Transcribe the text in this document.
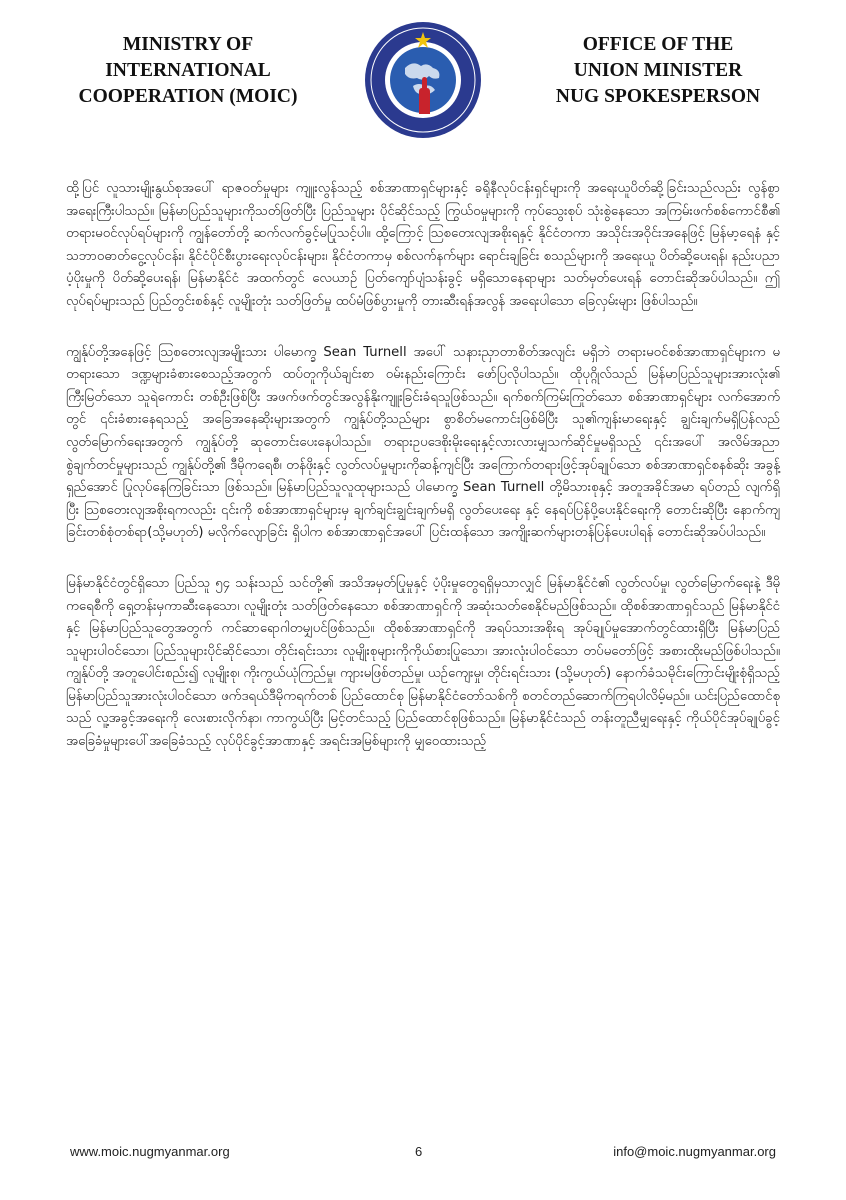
MINISTRY OF
INTERNATIONAL
COOPERATION (MOIC)
OFFICE OF THE
UNION MINISTER
NUG SPOKESPERSON

ထို့ပြင် လူသားမျိုးနွယ်စုအပေါ် ရာဇဝတ်မှုများ ကျူးလွန်သည့် စစ်အာဏာရှင်များနှင့် ခရိုနီလုပ်ငန်းရှင်များကို အရေးယူပိတ်ဆို့ခြင်းသည်လည်း လွန်စွာ အရေးကြီးပါသည်။ မြန်မာပြည်သူများကိုသတ်ဖြတ်ပြီး ပြည်သူများ ပိုင်ဆိုင်သည့် ကြွယ်ဝမှုများကို ကုပ်သွေးစုပ် သုံးစွဲနေသော အကြမ်းဖက်စစ်ကောင်စီ၏ တရားမဝင်လုပ်ရပ်များကို ကျွန်တော်တို့ ဆက်လက်ခွင့်မပြုသင့်ပါ။ ထို့ကြောင့် ဩစတေးလျအစိုးရနှင့် နိုင်ငံတကာ အသိုင်းအဝိုင်းအနေဖြင့် မြန်မာ့ရေနံ နှင့် သဘာဝဓာတ်ငွေ့လုပ်ငန်း၊ နိုင်ငံပိုင်စီးပွားရေးလုပ်ငန်းများ၊ နိုင်ငံတကာမှ စစ်လက်နက်များ ရောင်းချခြင်း စသည်များကို အရေးယူ ပိတ်ဆို့ပေးရန်၊ နည်းပညာပံ့ပိုးမှုကို ပိတ်ဆို့ပေးရန်၊ မြန်မာနိုင်ငံ အထက်တွင် လေယာဉ် ပြတ်ကျော်ပျံသန်းခွင့် မရှိသောနေရာများ သတ်မှတ်ပေးရန် တောင်းဆိုအပ်ပါသည်။ ဤလုပ်ရပ်များသည် ပြည်တွင်းစစ်နှင့် လူမျိုးတုံး သတ်ဖြတ်မှု ထပ်မံဖြစ်ပွားမှုကို တားဆီးရန်အလွန် အရေးပါသော ခြေလှမ်းများ ဖြစ်ပါသည်။

ကျွန်ုပ်တို့အနေဖြင့် ဩစတေးလျအမျိုးသား ပါမောက္ခ Sean Turnell အပေါ် သနားညှာတာစိတ်အလျင်း မရှိဘဲ တရားမဝင်စစ်အာဏာရှင်များက မတရားသော ဒဏ္ဍများခံစားစေသည့်အတွက် ထပ်တူကိုယ်ချင်းစာ ဝမ်းနည်းကြောင်း ဖော်ပြလိုပါသည်။ ထိုပုဂ္ဂိုလ်သည် မြန်မာပြည်သူများအားလုံး၏ ကြီးမြတ်သော သူရဲကောင်း တစ်ဦးဖြစ်ပြီး အဖက်ဖက်တွင်အလွန်နိုးကျူးခြင်းခံရသူဖြစ်သည်။ ရက်စက်ကြမ်းကြုတ်သော စစ်အာဏာရှင်များ လက်အောက်တွင် ၎င်းခံစားနေရသည့် အခြေအနေဆိုးများအတွက် ကျွန်ုပ်တို့သည်များ စွာစိတ်မကောင်းဖြစ်မိပြီး သူ၏ကျန်းမာရေးနှင့် ချွင်းချက်မရှိပြန်လည်လွတ်မြောက်ရေးအတွက် ကျွန်ုပ်တို့ ဆုတောင်းပေးနေပါသည်။ တရားဥပဒေစိုးမိုးရေးနှင့်လားလားမျှသက်ဆိုင်မှုမရှိသည့် ၎င်းအပေါ် အလိမ်အညာစွဲချက်တင်မှုများသည် ကျွန်ုပ်တို့၏ ဒီမိုကရေစီ၊ တန်ဖိုးနှင့် လွတ်လပ်မှုများကိုဆန့်ကျင်ပြီး အကြောက်တရားဖြင့်အုပ်ချုပ်သော စစ်အာဏာရှင်စနစ်ဆိုး အခွန့်ရှည်အောင် ပြုလုပ်နေကြခြင်းသာ ဖြစ်သည်။ မြန်မာပြည်သူလူထုများသည် ပါမောက္ခ Sean Turnell တို့မိသားစုနှင့် အတူအခိုင်အမာ ရပ်တည် လျက်ရှိပြီး ဩစတေးလျအစိုးရကလည်း ၎င်းကို စစ်အာဏာရှင်များမှ ချက်ချင်းချွင်းချက်မရှိ လွတ်ပေးရေး နှင့် နေရပ်ပြန်ပို့ပေးနိုင်ရေးကို တောင်းဆိုပြီး နောက်ကျခြင်းတစ်စုံတစ်ရာ(သို့မဟုတ်) မလိုက်လျောခြင်း ရှိပါက စစ်အာဏာရှင်အပေါ် ပြင်းထန်သော အကျိုးဆက်များတန်ပြန်ပေးပါရန် တောင်းဆိုအပ်ပါသည်။

မြန်မာနိုင်ငံတွင်ရှိသော ပြည်သူ ၅၄ သန်းသည် သင်တို့၏ အသိအမှတ်ပြုမှုနှင့် ပံ့ပိုးမှုတွေရရှိမှသာလျှင် မြန်မာနိုင်ငံ၏ လွတ်လပ်မှု၊ လွတ်မြောက်ရေးနဲ့ ဒီမိုကရေစီကို ရှေ့တန်းမှကာဆီးနေသော၊ လူမျိုးတုံး သတ်ဖြတ်နေသော စစ်အာဏာရှင်ကို အဆုံးသတ်စေနိုင်မည်ဖြစ်သည်။ ထိုစစ်အာဏာရှင်သည် မြန်မာနိုင်ငံနှင့် မြန်မာပြည်သူတွေအတွက် ကင်ဆာရောဂါတမျှပင်ဖြစ်သည်။ ထိုစစ်အာဏာရှင်ကို အရပ်သားအစိုးရ အုပ်ချုပ်မှုအောက်တွင်ထားရှိပြီး မြန်မာပြည်သူများပါဝင်သော၊ ပြည်သူများပိုင်ဆိုင်သော၊ တိုင်းရင်းသား လူမျိုးစုများကိုကိုယ်စားပြုသော၊ အားလုံးပါဝင်သော တပ်မတော်ဖြင့် အစားထိုးမည်ဖြစ်ပါသည်။ ကျွန်ုပ်တို့ အတူပေါင်းစည်း၍ လူမျိုးစု၊ ကိုးကွယ်ယုံကြည်မှု၊ ကျားမဖြစ်တည်မှု၊ ယဉ်ကျေးမှု၊ တိုင်းရင်းသား (သို့မဟုတ်) နောက်ခံသမိုင်းကြောင်းမျိုးစုံရှိသည့် မြန်မာပြည်သူအားလုံးပါဝင်သော ဖက်ဒရယ်ဒီမိုကရက်တစ် ပြည်ထောင်စု မြန်မာနိုင်ငံတော်သစ်ကို စတင်တည်ဆောက်ကြရပါလိမ့်မည်။ ယင်းပြည်ထောင်စုသည် လူ့အခွင့်အရေးကို လေးစားလိုက်နာ၊ ကာကွယ်ပြီး မြင့်တင်သည့် ပြည်ထောင်စုဖြစ်သည်။ မြန်မာနိုင်ငံသည် တန်းတူညီမျှရေးနှင့် ကိုယ်ပိုင်အုပ်ချုပ်ခွင့် အခြေခံမှုများပေါ်အခြေခံသည့် လုပ်ပိုင်ခွင့်အာဏာနှင့် အရင်းအမြစ်များကို မျှဝေထားသည့်

www.moic.nugmyanmar.org	6	info@moic.nugmyanmar.org
